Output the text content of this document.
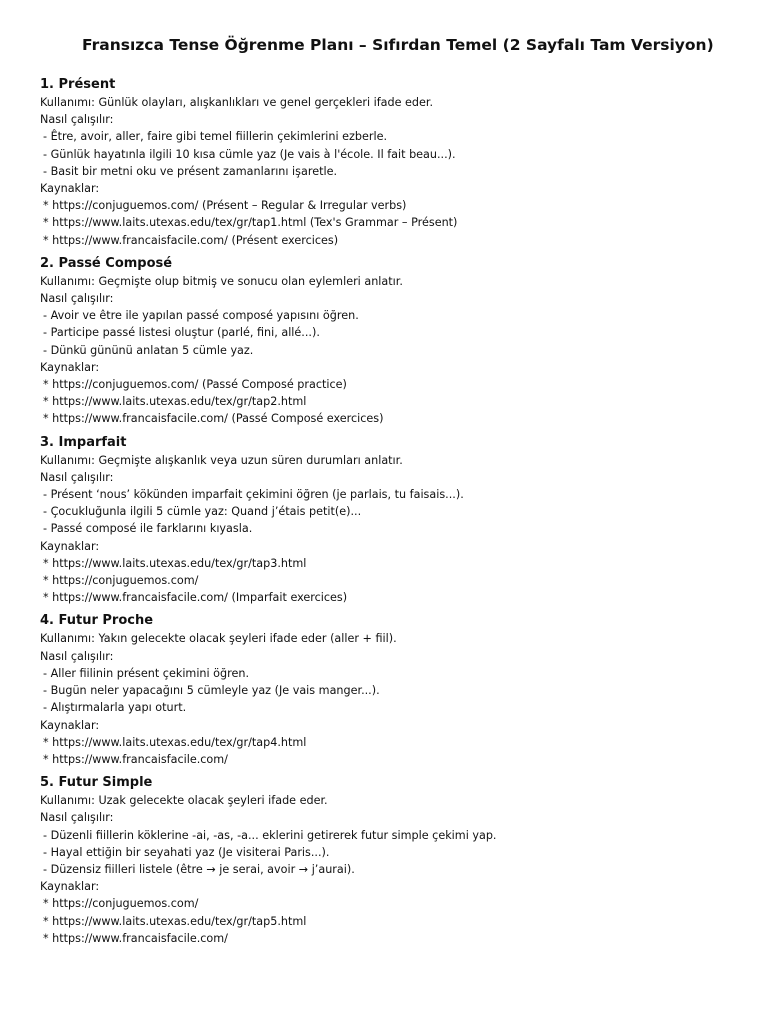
Fransızca Tense Öğrenme Planı – Sıfırdan Temel (2 Sayfalı Tam Versiyon)
1. Présent
Kullanımı: Günlük olayları, alışkanlıkları ve genel gerçekleri ifade eder.
Nasıl çalışılır:
- Être, avoir, aller, faire gibi temel fiillerin çekimlerini ezberle.
- Günlük hayatınla ilgili 10 kısa cümle yaz (Je vais à l'école. Il fait beau...).
- Basit bir metni oku ve présent zamanlarını işaretle.
Kaynaklar:
* https://conjuguemos.com/ (Présent – Regular & Irregular verbs)
* https://www.laits.utexas.edu/tex/gr/tap1.html (Tex's Grammar – Présent)
* https://www.francaisfacile.com/ (Présent exercices)
2. Passé Composé
Kullanımı: Geçmişte olup bitmiş ve sonucu olan eylemleri anlatır.
Nasıl çalışılır:
- Avoir ve être ile yapılan passé composé yapısını öğren.
- Participe passé listesi oluştur (parlé, fini, allé...).
- Dünkü gününü anlatan 5 cümle yaz.
Kaynaklar:
* https://conjuguemos.com/ (Passé Composé practice)
* https://www.laits.utexas.edu/tex/gr/tap2.html
* https://www.francaisfacile.com/ (Passé Composé exercices)
3. Imparfait
Kullanımı: Geçmişte alışkanlık veya uzun süren durumları anlatır.
Nasıl çalışılır:
- Présent ‘nous’ kökünden imparfait çekimini öğren (je parlais, tu faisais...).
- Çocukluğunla ilgili 5 cümle yaz: Quand j’étais petit(e)...
- Passé composé ile farklarını kıyasla.
Kaynaklar:
* https://www.laits.utexas.edu/tex/gr/tap3.html
* https://conjuguemos.com/
* https://www.francaisfacile.com/ (Imparfait exercices)
4. Futur Proche
Kullanımı: Yakın gelecekte olacak şeyleri ifade eder (aller + fiil).
Nasıl çalışılır:
- Aller fiilinin présent çekimini öğren.
- Bugün neler yapacağını 5 cümleyle yaz (Je vais manger...).
- Alıştırmalarla yapı oturt.
Kaynaklar:
* https://www.laits.utexas.edu/tex/gr/tap4.html
* https://www.francaisfacile.com/
5. Futur Simple
Kullanımı: Uzak gelecekte olacak şeyleri ifade eder.
Nasıl çalışılır:
- Düzenli fiillerin köklerine -ai, -as, -a... eklerini getirerek futur simple çekimi yap.
- Hayal ettiğin bir seyahati yaz (Je visiterai Paris...).
- Düzensiz fiilleri listele (être → je serai, avoir → j’aurai).
Kaynaklar:
* https://conjuguemos.com/
* https://www.laits.utexas.edu/tex/gr/tap5.html
* https://www.francaisfacile.com/
